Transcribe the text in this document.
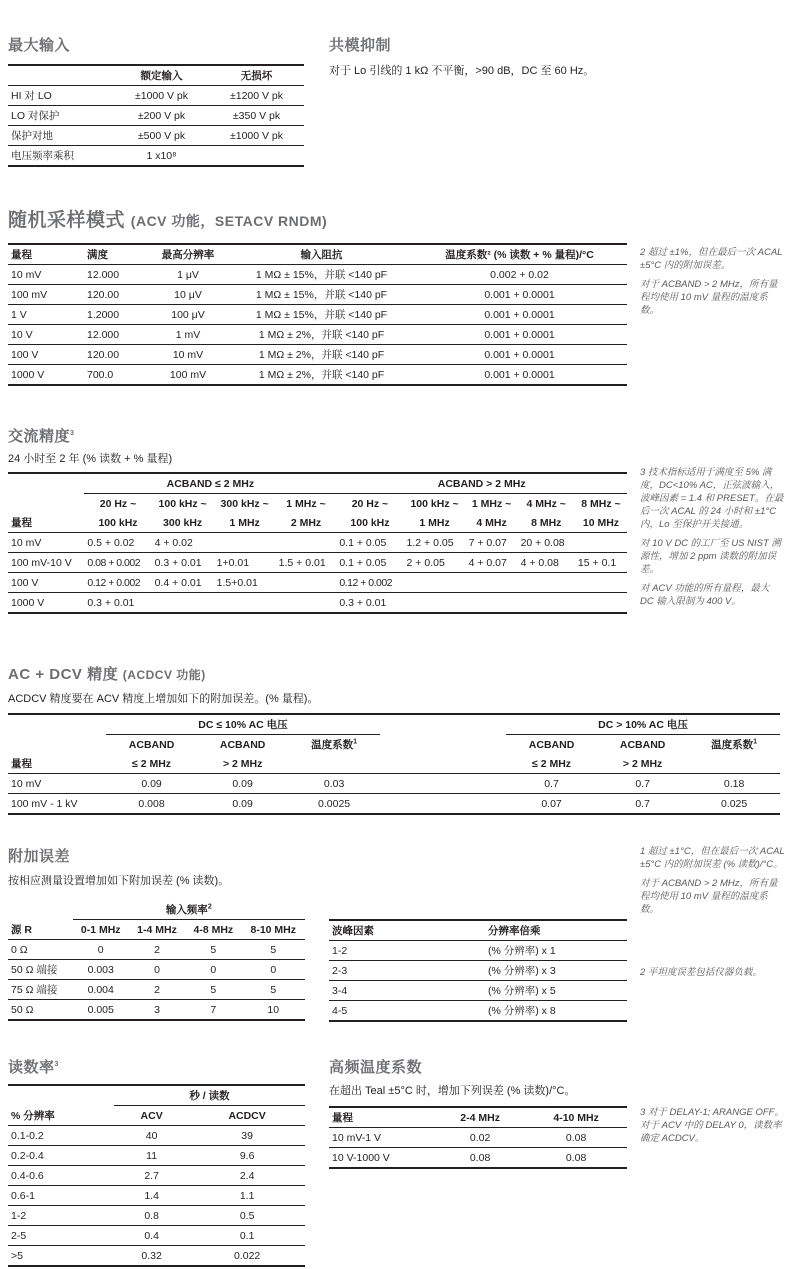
最大输入
	额定输入	无损坏
HI 对 LO	±1000 V pk	±1200 V pk
LO 对保护	±200 V pk	±350 V pk
保护对地	±500 V pk	±1000 V pk
电压频率乘积	1 x10⁸	
共模抑制
对于 Lo 引线的 1 kΩ 不平衡，>90 dB，DC 至 60 Hz。
随机采样模式 (ACV 功能，SETACV RNDM)
量程	满度	最高分辨率	输入阻抗	温度系数² (% 读数 + % 量程)/°C
10 mV	12.000	1 μV	1 MΩ ± 15%，并联 <140 pF	0.002 + 0.02
100 mV	120.00	10 μV	1 MΩ ± 15%，并联 <140 pF	0.001 + 0.0001
1 V	1.2000	100 μV	1 MΩ ± 15%，并联 <140 pF	0.001 + 0.0001
10 V	12.000	1 mV	1 MΩ ± 2%，并联 <140 pF	0.001 + 0.0001
100 V	120.00	10 mV	1 MΩ ± 2%，并联 <140 pF	0.001 + 0.0001
1000 V	700.0	100 mV	1 MΩ ± 2%，并联 <140 pF	0.001 + 0.0001

2 超过 ±1%，但在最后一次 ACAL ±5°C 内的附加误差。

对于 ACBAND > 2 MHz，所有量程均使用 10 mV 量程的温度系数。

交流精度$^3$
24 小时至 2 年 (% 读数 + % 量程)
	ACBAND ≤ 2 MHz				ACBAND > 2 MHz				
	20 Hz ~	100 kHz ~	300 kHz ~	1 MHz ~	20 Hz ~	100 kHz ~	1 MHz ~	4 MHz ~	8 MHz ~
量程	100 kHz	300 kHz	1 MHz	2 MHz	100 kHz	1 MHz	4 MHz	8 MHz	10 MHz
10 mV	0.5 + 0.02	4 + 0.02			0.1 + 0.05	1.2 + 0.05	7 + 0.07	20 + 0.08	
100 mV-10 V	0.08 + 0.002	0.3 + 0.01	1+0.01	1.5 + 0.01	0.1 + 0.05	2 + 0.05	4 + 0.07	4 + 0.08	15 + 0.1
100 V	0.12 + 0.002	0.4 + 0.01	1.5+0.01		0.12 + 0.002				
1000 V	0.3 + 0.01				0.3 + 0.01				

3 技术指标适用于满度至 5% 满度，DC<10% AC，正弦波输入，波峰因素 = 1.4 和 PRESET。在最后一次 ACAL 的 24 小时和 ±1°C 内，Lo 至保护开关接通。

对 10 V DC 的工厂至 US NIST 溯源性，增加 2 ppm 读数的附加误差。

对 ACV 功能的所有量程，最大 DC 输入限制为 400 V。

AC + DCV 精度 (ACDCV 功能)
ACDCV 精度要在 ACV 精度上增加如下的附加误差。(% 量程)。
	DC ≤ 10% AC 电压				DC > 10% AC 电压		
	ACBAND	ACBAND	温度系数$^1$		ACBAND	ACBAND	温度系数$^1$
量程	≤ 2 MHz	> 2 MHz			≤ 2 MHz	> 2 MHz	
10 mV	0.09	0.09	0.03		0.7	0.7	0.18
100 mV - 1 kV	0.008	0.09	0.0025		0.07	0.7	0.025
附加误差
按相应测量设置增加如下附加误差 (% 读数)。
	输入频率$^2$
源 R	0-1 MHz	1-4 MHz	4-8 MHz	8-10 MHz
0 Ω	0	2	5	5
50 Ω 端接	0.003	0	0	0
75 Ω 端接	0.004	2	5	5
50 Ω	0.005	3	7	10
波峰因素	分辨率倍乘
1-2	(% 分辨率) x 1
2-3	(% 分辨率) x 3
3-4	(% 分辨率) x 5
4-5	(% 分辨率) x 8

1 超过 ±1°C，但在最后一次 ACAL ±5°C 内的附加误差 (% 读数)/°C。

对于 ACBAND > 2 MHz，所有量程均使用 10 mV 量程的温度系数。

2 平坦度误差包括仪器负载。

读数率$^3$
	秒 / 读数	
% 分辨率	ACV	ACDCV
0.1-0.2	40	39
0.2-0.4	11	9.6
0.4-0.6	2.7	2.4
0.6-1	1.4	1.1
1-2	0.8	0.5
2-5	0.4	0.1
>5	0.32	0.022
高频温度系数
在超出 Teal ±5°C 时，增加下列误差 (% 读数)/°C。
量程	2-4 MHz	4-10 MHz
10 mV-1 V	0.02	0.08
10 V-1000 V	0.08	0.08

3 对于 DELAY-1; ARANGE OFF。对于 ACV 中的 DELAY 0，读数率确定 ACDCV。
